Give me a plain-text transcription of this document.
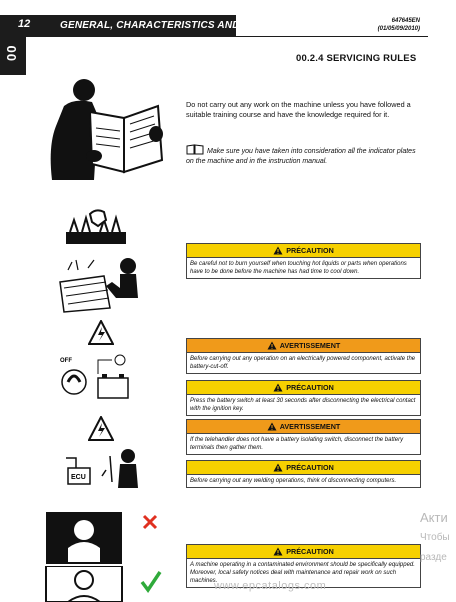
12	GENERAL, CHARACTERISTICS AND SAFETY	647645EN
(01/05/09/2010)
00	00.2.4 SERVICING RULES
Do not carry out any work on the machine unless you have followed a suitable training course and have the knowledge required for it.
Make sure you have taken into consideration all the indicator plates on the machine and in the instruction manual.
PRÉCAUTION
Be careful not to burn yourself when touching hot liquids or parts when operations have to be done before the machine has had time to cool down.
OFF
ECU
AVERTISSEMENT
Before carrying out any operation on an electrically powered component, activate the battery-cut-off.
PRÉCAUTION
Press the battery switch at least 30 seconds after disconnecting the electrical contact with the ignition key.
AVERTISSEMENT
If the telehandler does not have a battery isolating switch, disconnect the battery terminals then gather them.
PRÉCAUTION
Before carrying out any welding operations, think of disconnecting computers.
PRÉCAUTION
A machine operating in a contaminated environment should be specifically equipped. Moreover, local safety notices deal with maintenance and repair work on such machines.
www.epcatalogs.com
Акти
Чтобы
разде
